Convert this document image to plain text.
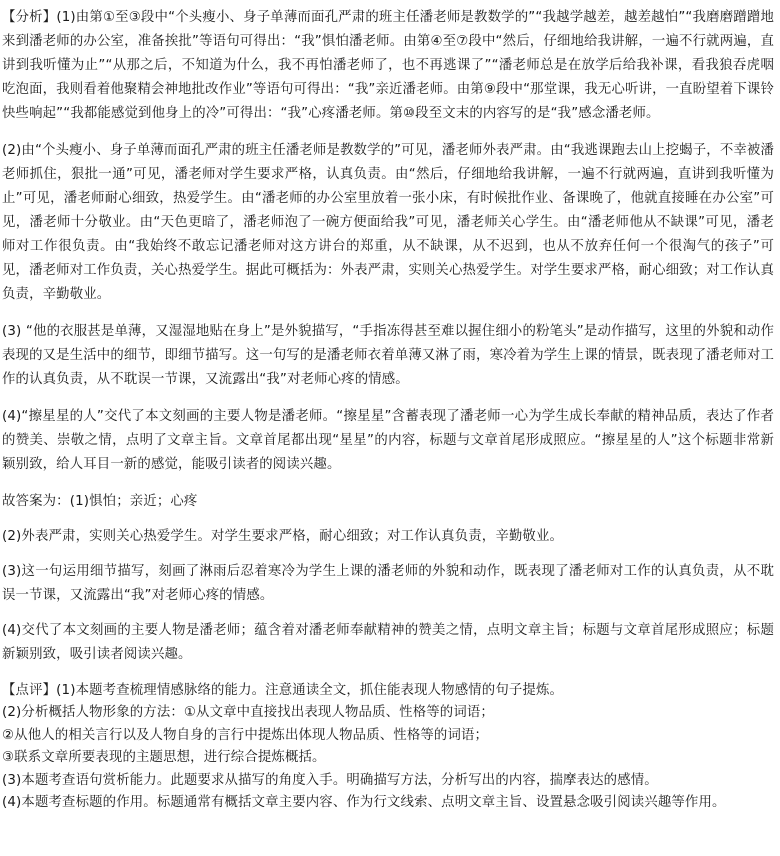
【分析】(1)由第①至③段中“个头瘦小、身子单薄而面孔严肃的班主任潘老师是教数学的”“我越学越差，越差越怕”“我磨磨蹭蹭地来到潘老师的办公室，准备挨批”等语句可得出：“我”惧怕潘老师。由第④至⑦段中“然后，仔细地给我讲解，一遍不行就两遍，直讲到我听懂为止”“从那之后，不知道为什么，我不再怕潘老师了，也不再逃课了”“潘老师总是在放学后给我补课，看我狼吞虎咽吃泡面，我则看着他聚精会神地批改作业”等语句可得出：“我”亲近潘老师。由第⑨段中“那堂课，我无心听讲，一直盼望着下课铃快些响起”“我都能感觉到他身上的冷”可得出：“我”心疼潘老师。第⑩段至文末的内容写的是“我”感念潘老师。

(2)由“个头瘦小、身子单薄而面孔严肃的班主任潘老师是教数学的”可见，潘老师外表严肃。由“我逃课跑去山上挖蝎子，不幸被潘老师抓住，狠批一通”可见，潘老师对学生要求严格，认真负责。由“然后，仔细地给我讲解，一遍不行就两遍，直讲到我听懂为止”可见，潘老师耐心细致，热爱学生。由“潘老师的办公室里放着一张小床，有时候批作业、备课晚了，他就直接睡在办公室”可见，潘老师十分敬业。由“天色更暗了，潘老师泡了一碗方便面给我”可见，潘老师关心学生。由“潘老师他从不缺课”可见，潘老师对工作很负责。由“我始终不敢忘记潘老师对这方讲台的郑重，从不缺课，从不迟到，也从不放弃任何一个很淘气的孩子”可见，潘老师对工作负责，关心热爱学生。据此可概括为：外表严肃，实则关心热爱学生。对学生要求严格，耐心细致；对工作认真负责，辛勤敬业。

(3) “他的衣服甚是单薄，又湿湿地贴在身上”是外貌描写，“手指冻得甚至难以握住细小的粉笔头”是动作描写，这里的外貌和动作表现的又是生活中的细节，即细节描写。这一句写的是潘老师衣着单薄又淋了雨，寒冷着为学生上课的情景，既表现了潘老师对工作的认真负责，从不耽误一节课，又流露出“我”对老师心疼的情感。

(4)“擦星星的人”交代了本文刻画的主要人物是潘老师。“擦星星”含蓄表现了潘老师一心为学生成长奉献的精神品质，表达了作者的赞美、崇敬之情，点明了文章主旨。文章首尾都出现“星星”的内容，标题与文章首尾形成照应。“擦星星的人”这个标题非常新颖别致，给人耳目一新的感觉，能吸引读者的阅读兴趣。

故答案为：(1)惧怕；亲近；心疼

(2)外表严肃，实则关心热爱学生。对学生要求严格，耐心细致；对工作认真负责，辛勤敬业。

(3)这一句运用细节描写，刻画了淋雨后忍着寒冷为学生上课的潘老师的外貌和动作，既表现了潘老师对工作的认真负责，从不耽误一节课，又流露出“我”对老师心疼的情感。

(4)交代了本文刻画的主要人物是潘老师；蕴含着对潘老师奉献精神的赞美之情，点明文章主旨；标题与文章首尾形成照应；标题新颖别致，吸引读者阅读兴趣。

【点评】(1)本题考查梳理情感脉络的能力。注意通读全文，抓住能表现人物感情的句子提炼。

(2)分析概括人物形象的方法：①从文章中直接找出表现人物品质、性格等的词语；

②从他人的相关言行以及人物自身的言行中提炼出体现人物品质、性格等的词语；

③联系文章所要表现的主题思想，进行综合提炼概括。

(3)本题考查语句赏析能力。此题要求从描写的角度入手。明确描写方法，分析写出的内容，揣摩表达的感情。

(4)本题考查标题的作用。标题通常有概括文章主要内容、作为行文线索、点明文章主旨、设置悬念吸引阅读兴趣等作用。
